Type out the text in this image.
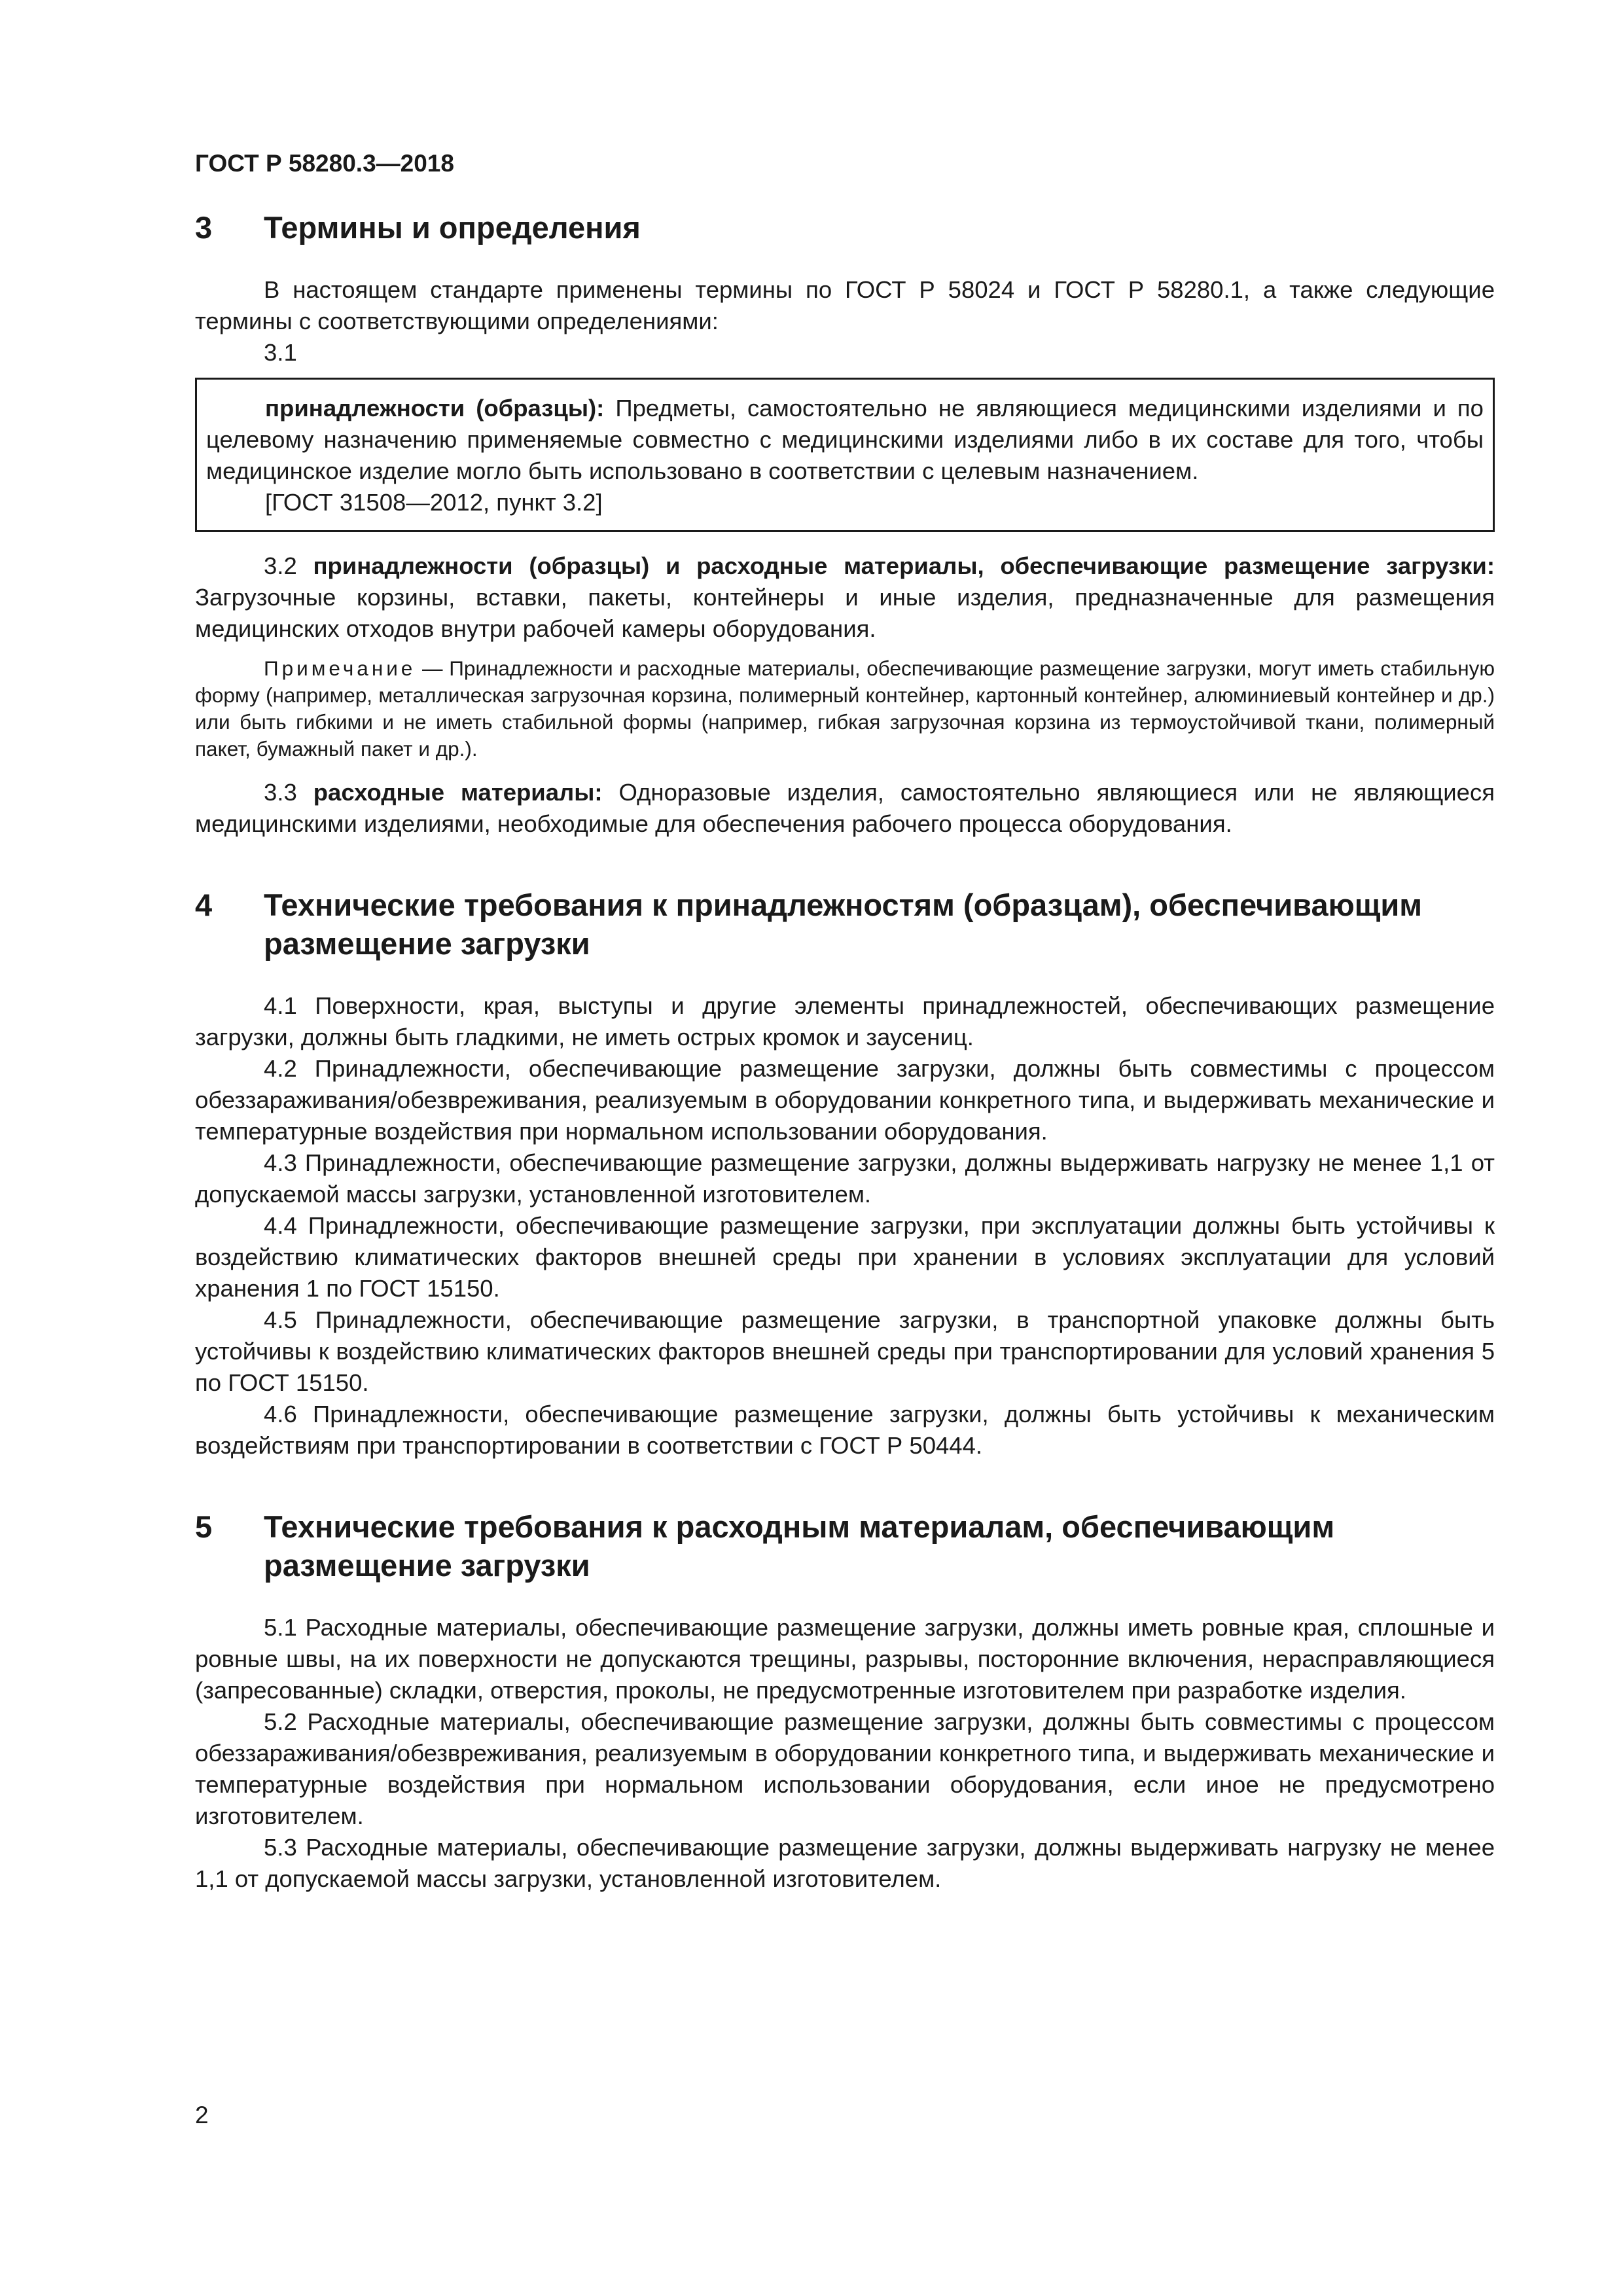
ГОСТ Р 58280.3—2018

3 Термины и определения

В настоящем стандарте применены термины по ГОСТ Р 58024 и ГОСТ Р 58280.1, а также следующие термины с соответствующими определениями:

3.1

принадлежности (образцы): Предметы, самостоятельно не являющиеся медицинскими изделиями и по целевому назначению применяемые совместно с медицинскими изделиями либо в их составе для того, чтобы медицинское изделие могло быть использовано в соответствии с целевым назначением.

[ГОСТ 31508—2012, пункт 3.2]

3.2 принадлежности (образцы) и расходные материалы, обеспечивающие размещение загрузки: Загрузочные корзины, вставки, пакеты, контейнеры и иные изделия, предназначенные для размещения медицинских отходов внутри рабочей камеры оборудования.

Примечание — Принадлежности и расходные материалы, обеспечивающие размещение загрузки, могут иметь стабильную форму (например, металлическая загрузочная корзина, полимерный контейнер, картонный контейнер, алюминиевый контейнер и др.) или быть гибкими и не иметь стабильной формы (например, гибкая загрузочная корзина из термоустойчивой ткани, полимерный пакет, бумажный пакет и др.).

3.3 расходные материалы: Одноразовые изделия, самостоятельно являющиеся или не являющиеся медицинскими изделиями, необходимые для обеспечения рабочего процесса оборудования.

4 Технические требования к принадлежностям (образцам), обеспечивающим размещение загрузки

4.1 Поверхности, края, выступы и другие элементы принадлежностей, обеспечивающих размещение загрузки, должны быть гладкими, не иметь острых кромок и заусениц.

4.2 Принадлежности, обеспечивающие размещение загрузки, должны быть совместимы с процессом обеззараживания/обезвреживания, реализуемым в оборудовании конкретного типа, и выдерживать механические и температурные воздействия при нормальном использовании оборудования.

4.3 Принадлежности, обеспечивающие размещение загрузки, должны выдерживать нагрузку не менее 1,1 от допускаемой массы загрузки, установленной изготовителем.

4.4 Принадлежности, обеспечивающие размещение загрузки, при эксплуатации должны быть устойчивы к воздействию климатических факторов внешней среды при хранении в условиях эксплуатации для условий хранения 1 по ГОСТ 15150.

4.5 Принадлежности, обеспечивающие размещение загрузки, в транспортной упаковке должны быть устойчивы к воздействию климатических факторов внешней среды при транспортировании для условий хранения 5 по ГОСТ 15150.

4.6 Принадлежности, обеспечивающие размещение загрузки, должны быть устойчивы к механическим воздействиям при транспортировании в соответствии с ГОСТ Р 50444.

5 Технические требования к расходным материалам, обеспечивающим размещение загрузки

5.1 Расходные материалы, обеспечивающие размещение загрузки, должны иметь ровные края, сплошные и ровные швы, на их поверхности не допускаются трещины, разрывы, посторонние включения, нерасправляющиеся (запресованные) складки, отверстия, проколы, не предусмотренные изготовителем при разработке изделия.

5.2 Расходные материалы, обеспечивающие размещение загрузки, должны быть совместимы с процессом обеззараживания/обезвреживания, реализуемым в оборудовании конкретного типа, и выдерживать механические и температурные воздействия при нормальном использовании оборудования, если иное не предусмотрено изготовителем.

5.3 Расходные материалы, обеспечивающие размещение загрузки, должны выдерживать нагрузку не менее 1,1 от допускаемой массы загрузки, установленной изготовителем.

2
